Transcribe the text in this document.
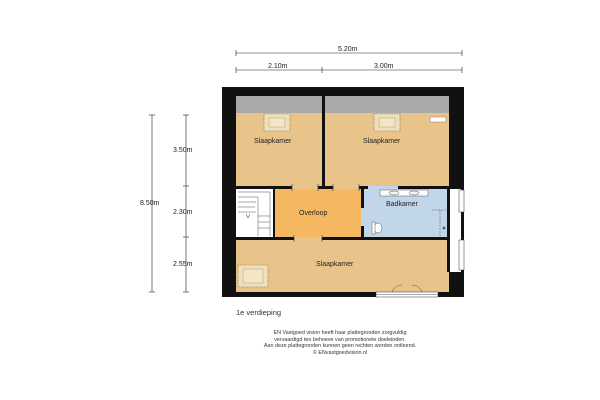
5.20m
2.10m	3.00m
8.50m
3.50m
2.30m
2.55m
Slaapkamer	Slaapkamer
Overloop
Badkamer
Slaapkamer
1e verdieping
EN Vastgoed vision heeft haar plattegronden zorgvuldig
vervaardigd ten behoeve van promotionele doeleinden.
Aan deze plattegronden kunnen geen rechten worden ontleend.
© ENvastgoedvision.nl
